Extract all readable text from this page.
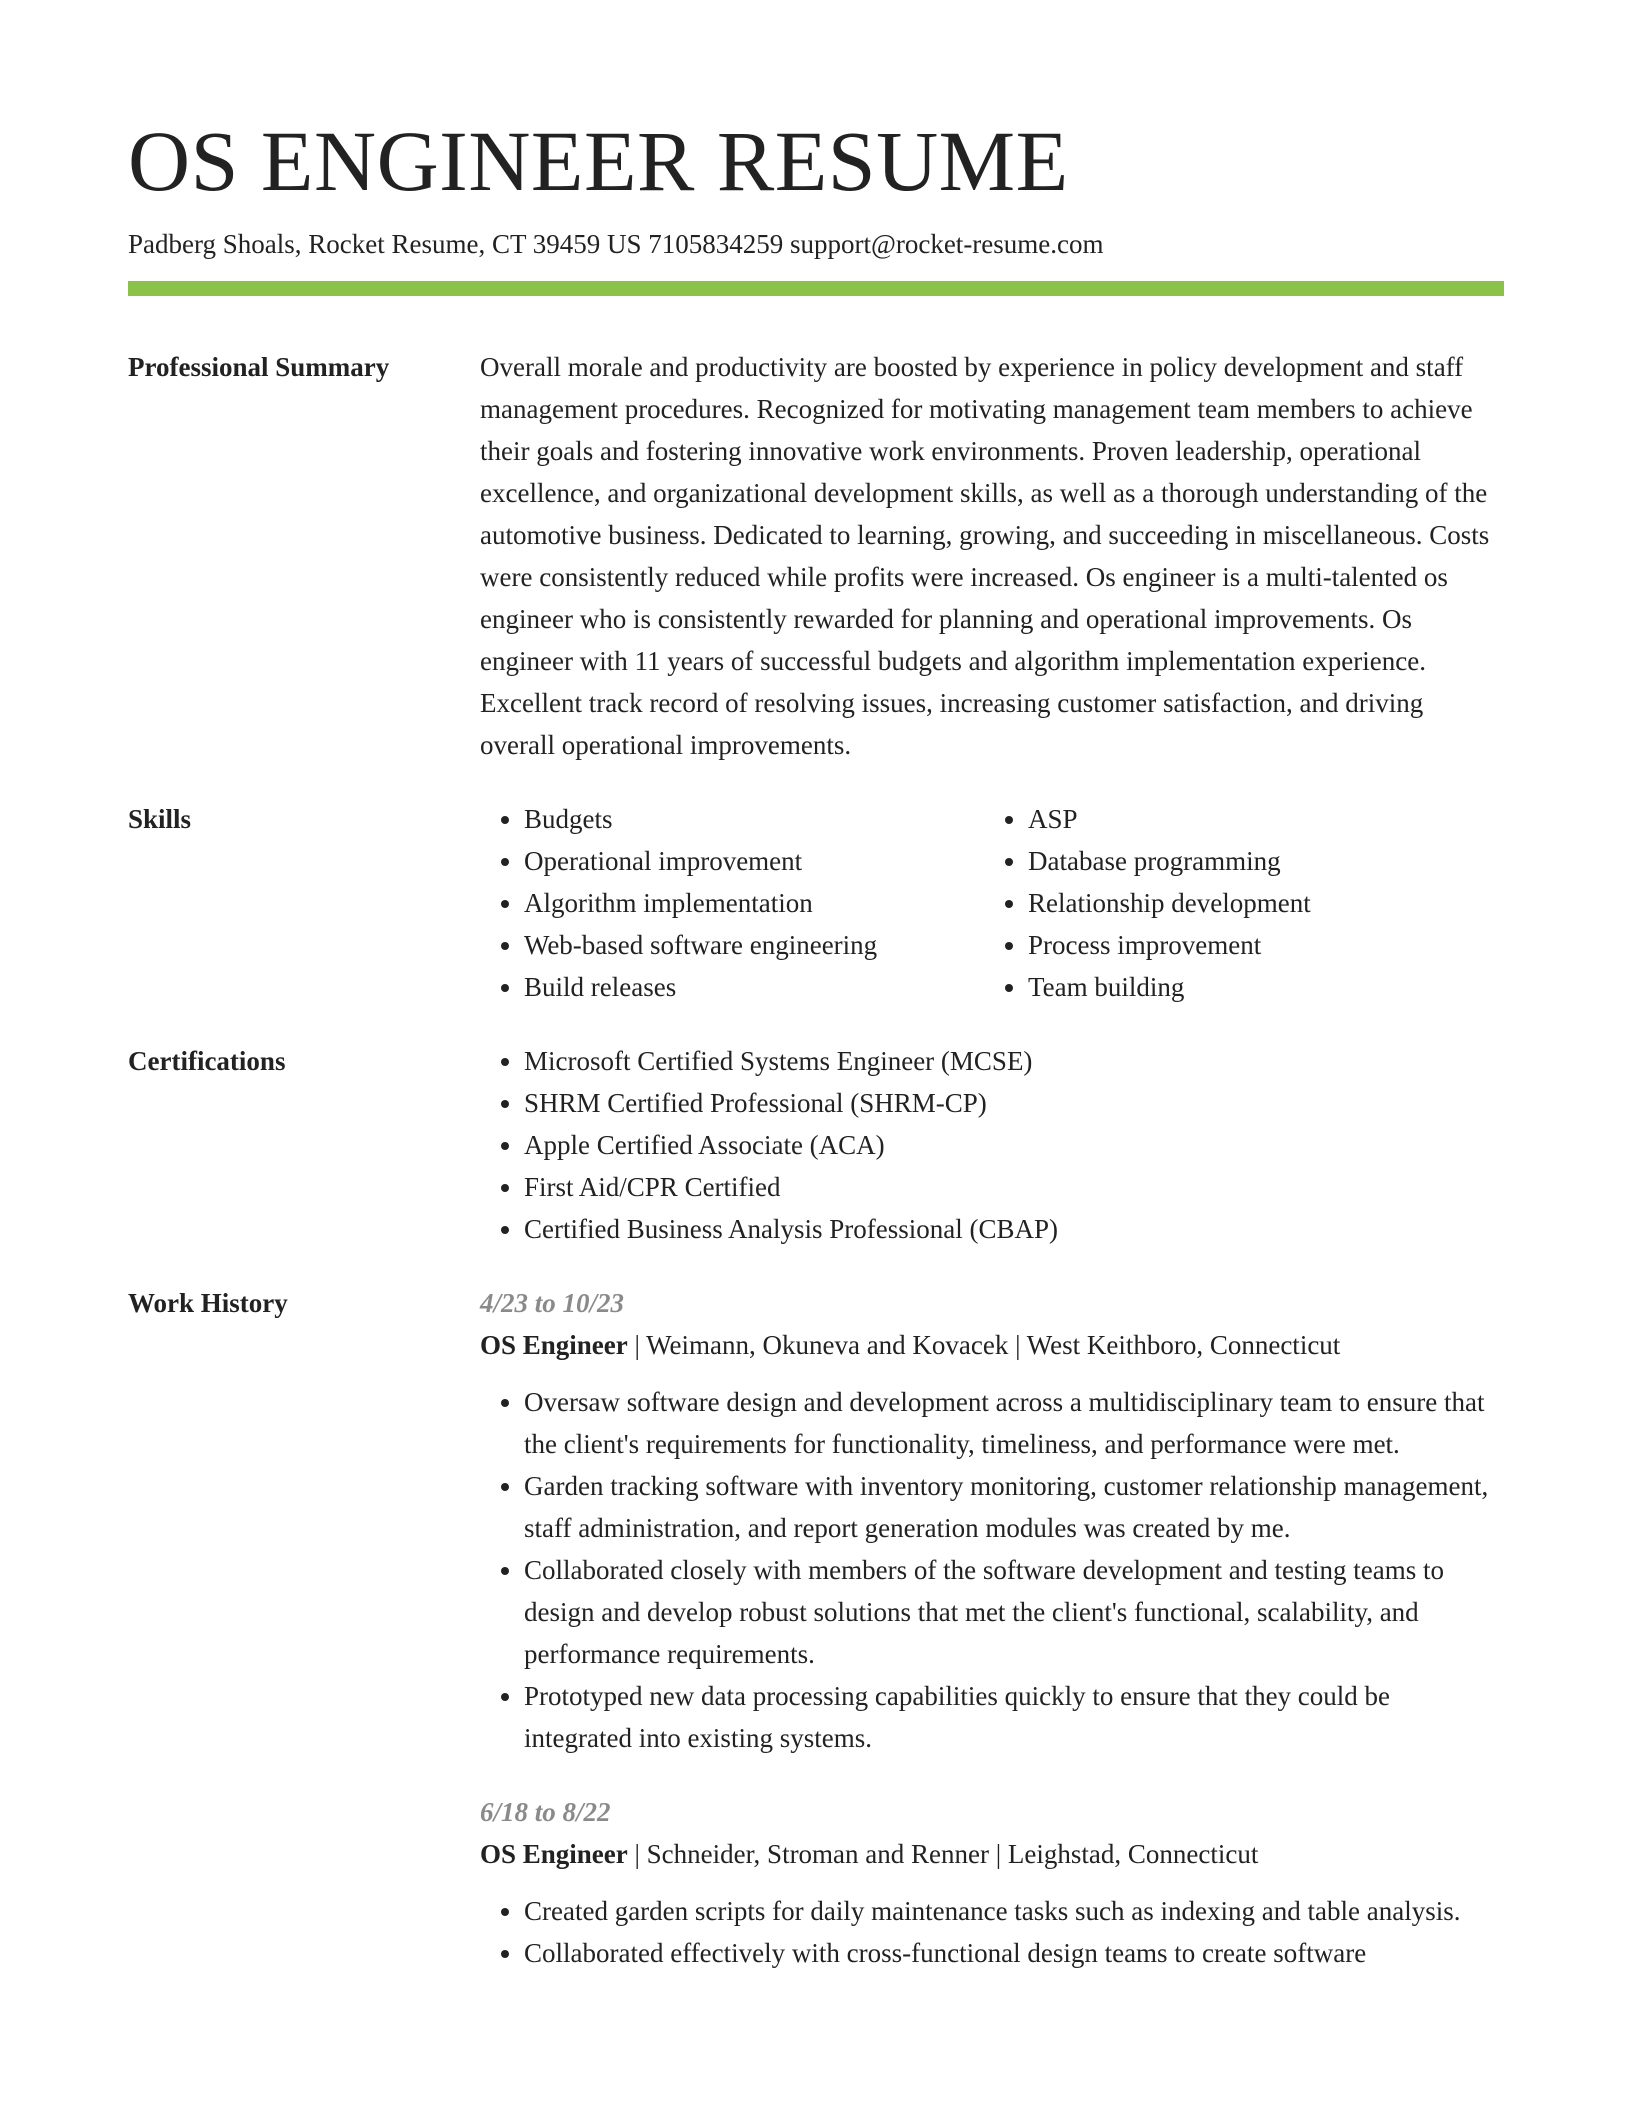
OS ENGINEER RESUME

Padberg Shoals, Rocket Resume, CT 39459 US 7105834259 support@rocket-resume.com

Professional Summary	Overall morale and productivity are boosted by experience in policy development and staff management procedures. Recognized for motivating management team members to achieve their goals and fostering innovative work environments. Proven leadership, operational excellence, and organizational development skills, as well as a thorough understanding of the automotive business. Dedicated to learning, growing, and succeeding in miscellaneous. Costs were consistently reduced while profits were increased. Os engineer is a multi-talented os engineer who is consistently rewarded for planning and operational improvements. Os engineer with 11 years of successful budgets and algorithm implementation experience. Excellent track record of resolving issues, increasing customer satisfaction, and driving overall operational improvements.

Skills	• Budgets
• Operational improvement
• Algorithm implementation
• Web-based software engineering
• Build releases
• ASP
• Database programming
• Relationship development
• Process improvement
• Team building
Certifications	• Microsoft Certified Systems Engineer (MCSE)
• SHRM Certified Professional (SHRM-CP)
• Apple Certified Associate (ACA)
• First Aid/CPR Certified
• Certified Business Analysis Professional (CBAP)
Work History	4/23 to 10/23
OS Engineer | Weimann, Okuneva and Kovacek | West Keithboro, Connecticut
• Oversaw software design and development across a multidisciplinary team to ensure that the client's requirements for functionality, timeliness, and performance were met.
• Garden tracking software with inventory monitoring, customer relationship management, staff administration, and report generation modules was created by me.
• Collaborated closely with members of the software development and testing teams to design and develop robust solutions that met the client's functional, scalability, and performance requirements.
• Prototyped new data processing capabilities quickly to ensure that they could be integrated into existing systems.
6/18 to 8/22
OS Engineer | Schneider, Stroman and Renner | Leighstad, Connecticut
• Created garden scripts for daily maintenance tasks such as indexing and table analysis.
• Collaborated effectively with cross-functional design teams to create software
